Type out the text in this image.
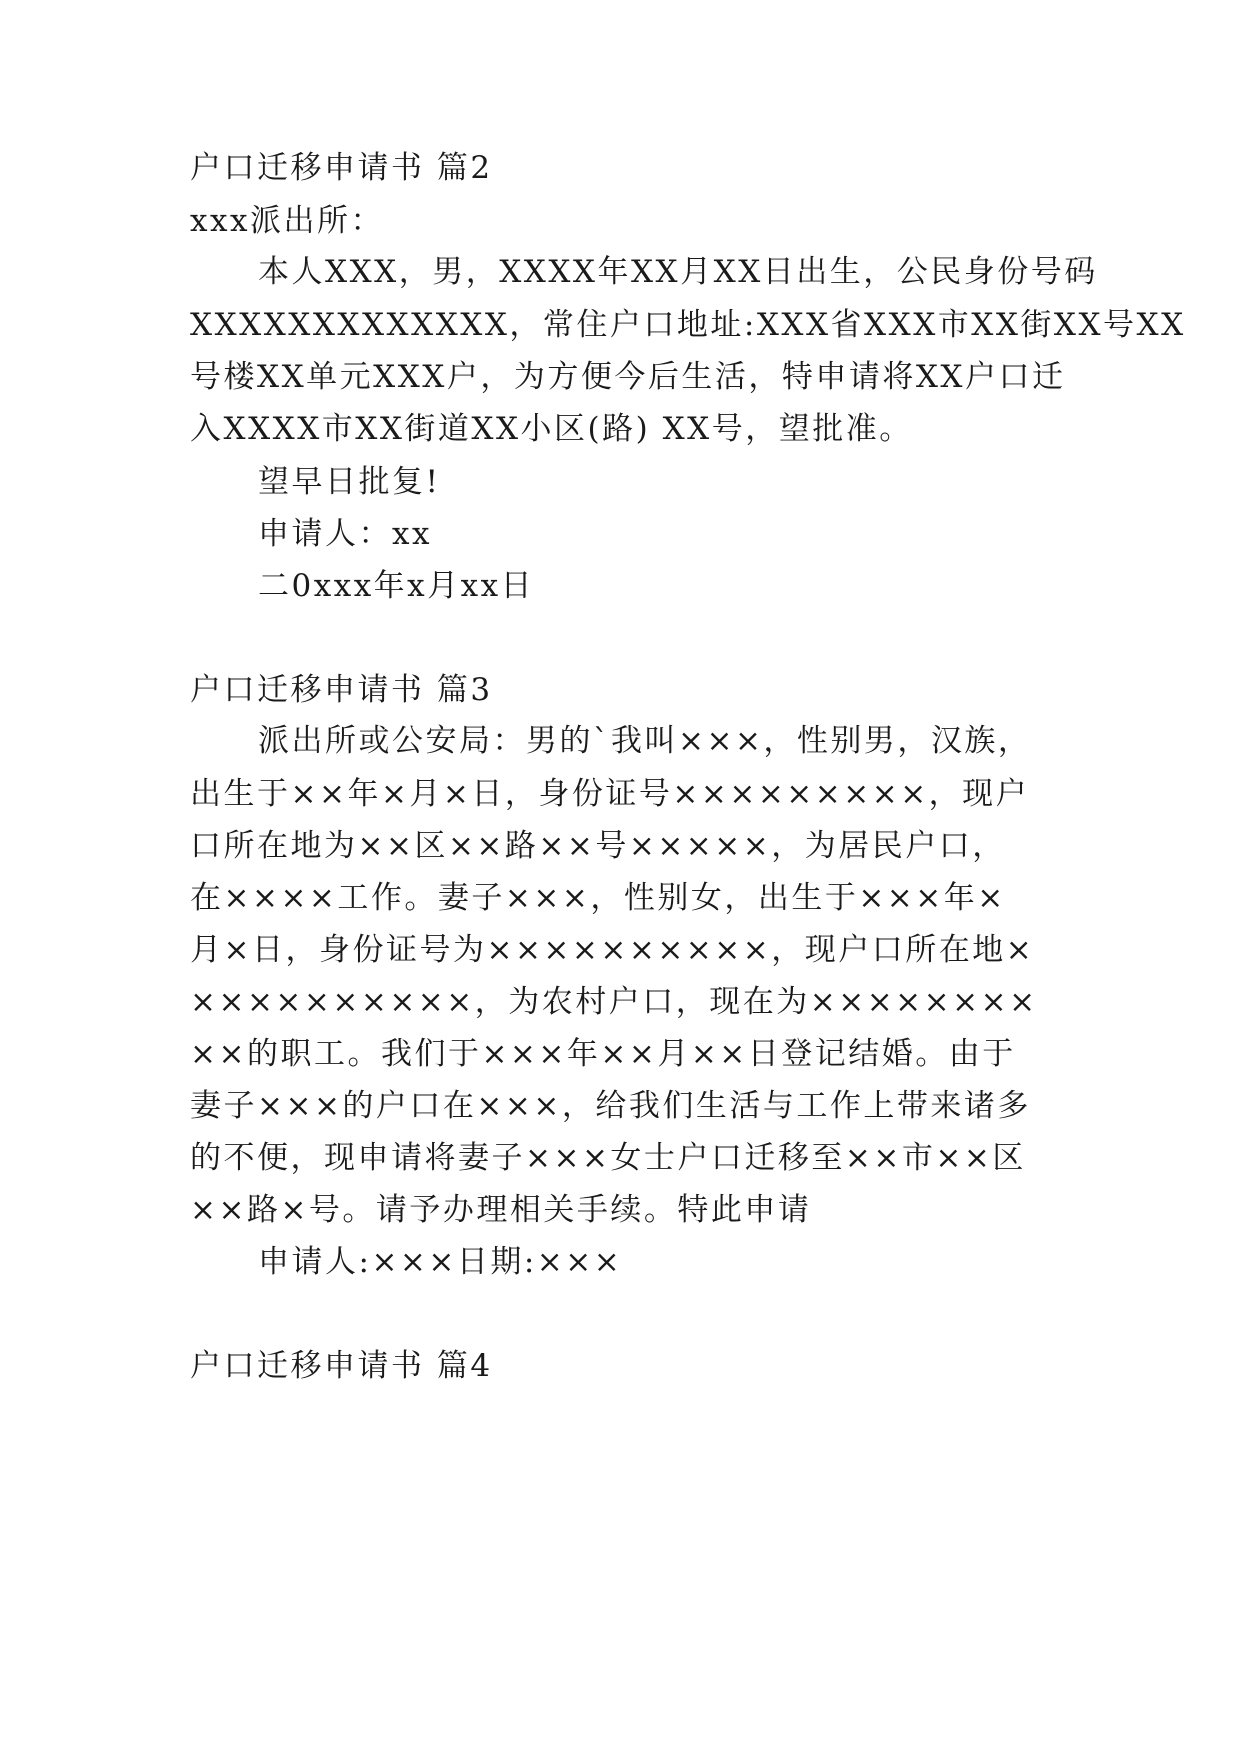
户口迁移申请书 篇2
xxx派出所：
本人XXX，男，XXXX年XX月XX日出生，公民身份号码
XXXXXXXXXXXXX，常住户口地址:XXX省XXX市XX街XX号XX
号楼XX单元XXX户，为方便今后生活，特申请将XX户口迁
入XXXX市XX街道XX小区(路) XX号，望批准。
望早日批复!
申请人：xx
二0xxx年x月xx日
户口迁移申请书 篇3
派出所或公安局：男的`我叫×××，性别男，汉族，
出生于××年×月×日，身份证号×××××××××，现户
口所在地为××区××路××号×××××，为居民户口，
在××××工作。妻子×××，性别女，出生于×××年×
月×日，身份证号为××××××××××，现户口所在地×
××××××××××，为农村户口，现在为××××××××
××的职工。我们于×××年××月××日登记结婚。由于
妻子×××的户口在×××，给我们生活与工作上带来诸多
的不便，现申请将妻子×××女士户口迁移至××市××区
××路×号。请予办理相关手续。特此申请
申请人:×××日期:×××
户口迁移申请书 篇4
